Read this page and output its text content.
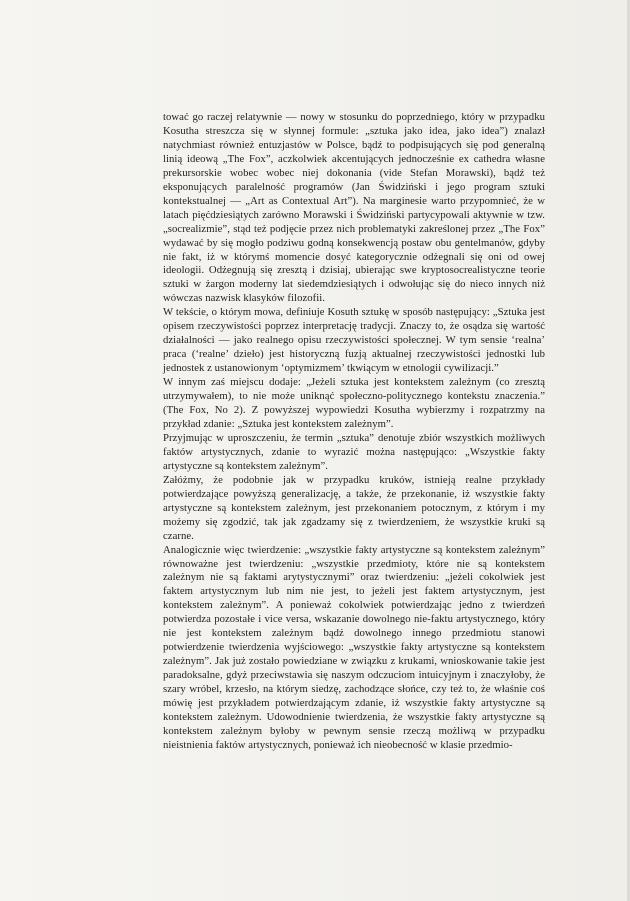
tować go raczej relatywnie — nowy w stosunku do poprzedniego, który w przypadku Kosutha streszcza się w słynnej formule: „sztuka jako idea, jako idea”) znalazł natychmiast również entuzjastów w Polsce, bądź to podpisujących się pod generalną linią ideową „The Fox”, aczkolwiek akcentujących jednocześnie ex cathedra własne prekursorskie wobec wobec niej dokonania (vide Stefan Morawski), bądź też eksponujących paralelność programów (Jan Świdziński i jego program sztuki kontekstualnej — „Art as Contextual Art”). Na marginesie warto przypomnieć, że w latach pięćdziesiątych zarówno Morawski i Świdziński partycypowali aktywnie w tzw. „socrealizmie”, stąd też podjęcie przez nich problematyki zakreślonej przez „The Fox” wydawać by się mogło podziwu godną konsekwencją postaw obu gentelmanów, gdyby nie fakt, iż w którymś momencie dosyć kategorycznie odżegnali się oni od owej ideologii. Odżegnują się zresztą i dzisiaj, ubierając swe kryptosocrealistyczne teorie sztuki w żargon moderny lat siedemdziesiątych i odwołując się do nieco innych niż wówczas nazwisk klasyków filozofii.

W tekście, o którym mowa, definiuje Kosuth sztukę w sposób następujący: „Sztuka jest opisem rzeczywistości poprzez interpretację tradycji. Znaczy to, że osądza się wartość działalności — jako realnego opisu rzeczywistości społecznej. W tym sensie ‘realna’ praca (‘realne’ dzieło) jest historyczną fuzją aktualnej rzeczywistości jednostki lub jednostek z ustanowionym ‘optymizmem’ tkwiącym w etnologii cywilizacji.”

W innym zaś miejscu dodaje: „Jeżeli sztuka jest kontekstem zależnym (co zresztą utrzymywałem), to nie może uniknąć społeczno-politycznego kontekstu znaczenia.” (The Fox, No 2). Z powyższej wypowiedzi Kosutha wybierzmy i rozpatrzmy na przykład zdanie: „Sztuka jest kontekstem zależnym”.

Przyjmując w uproszczeniu, że termin „sztuka” denotuje zbiór wszystkich możliwych faktów artystycznych, zdanie to wyrazić można następująco: „Wszystkie fakty artystyczne są kontekstem zależnym”.

Załóżmy, że podobnie jak w przypadku kruków, istnieją realne przykłady potwierdzające powyższą generalizację, a także, że przekonanie, iż wszystkie fakty artystyczne są kontekstem zależnym, jest przekonaniem potocznym, z którym i my możemy się zgodzić, tak jak zgadzamy się z twierdzeniem, że wszystkie kruki są czarne.

Analogicznie więc twierdzenie: „wszystkie fakty artystyczne są kontekstem zależnym” równoważne jest twierdzeniu: „wszystkie przedmioty, które nie są kontekstem zależnym nie są faktami arytystycznymi” oraz twierdzeniu: „jeżeli cokolwiek jest faktem artystycznym lub nim nie jest, to jeżeli jest faktem artystycznym, jest kontekstem zależnym”. A ponieważ cokolwiek potwierdzając jedno z twierdzeń potwierdza pozostałe i vice versa, wskazanie dowolnego nie-faktu artystycznego, który nie jest kontekstem zależnym bądź dowolnego innego przedmiotu stanowi potwierdzenie twierdzenia wyjściowego: „wszystkie fakty artystyczne są kontekstem zależnym”. Jak już zostało powiedziane w związku z krukami, wnioskowanie takie jest paradoksalne, gdyż przeciwstawia się naszym odczuciom intuicyjnym i znaczyłoby, że szary wróbel, krzesło, na którym siedzę, zachodzące słońce, czy też to, że właśnie coś mówię jest przykładem potwierdzającym zdanie, iż wszystkie fakty artystyczne są kontekstem zależnym. Udowodnienie twierdzenia, że wszystkie fakty artystyczne są kontekstem zależnym byłoby w pewnym sensie rzeczą możliwą w przypadku nieistnienia faktów artystycznych, ponieważ ich nieobecność w klasie przedmio-
